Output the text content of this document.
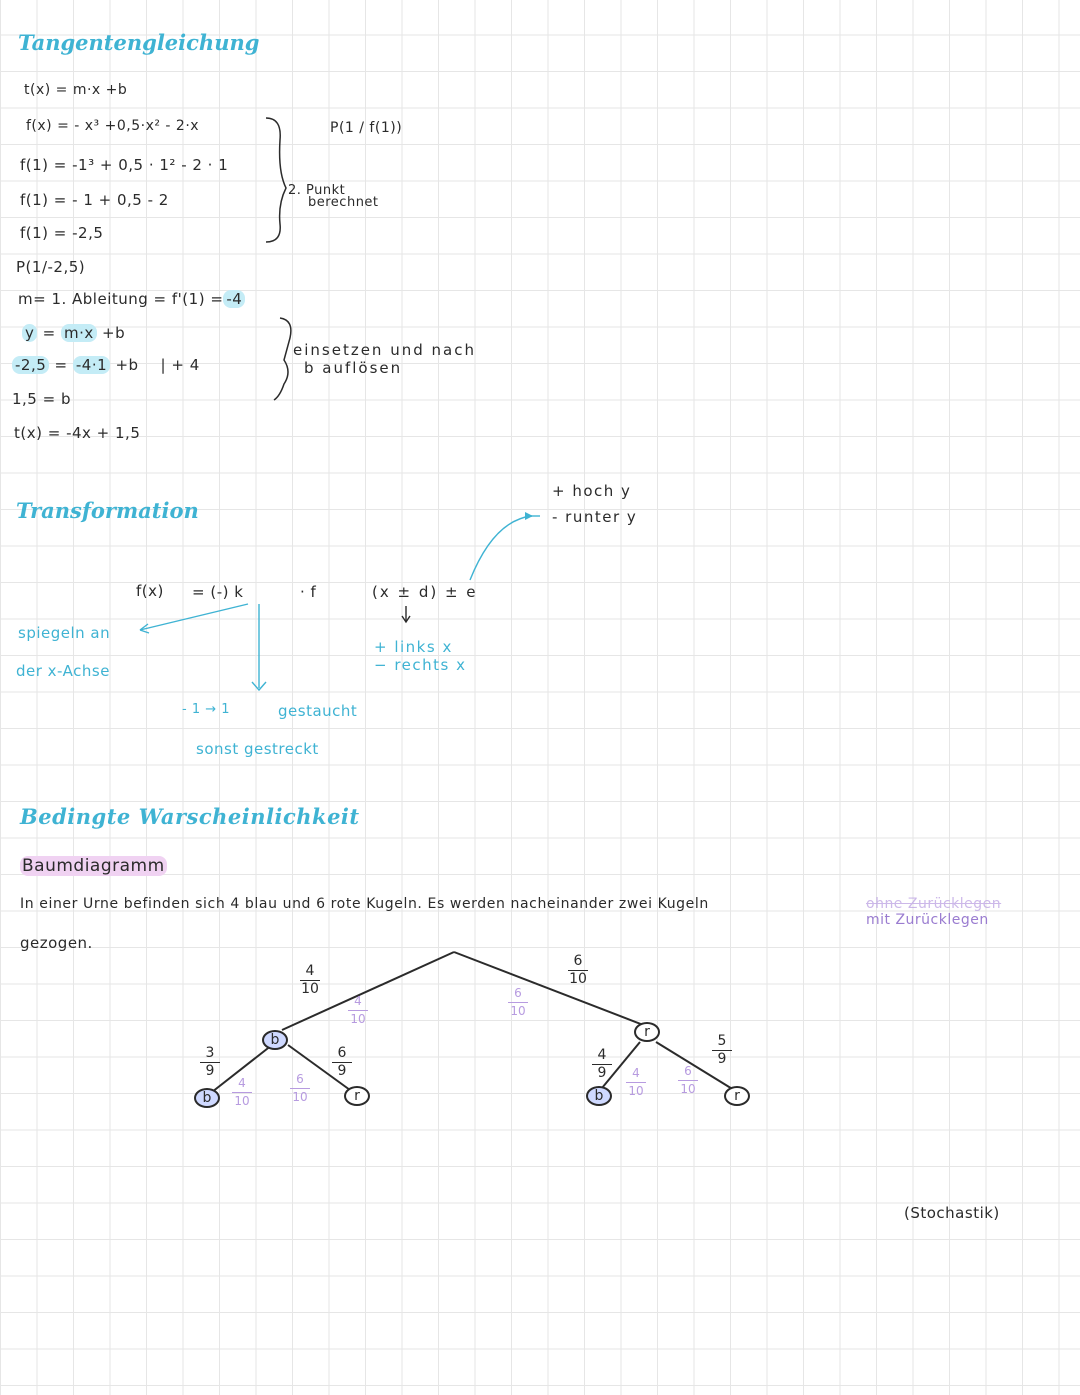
Tangentengleichung
t(x) = m·x +b
f(x) = - x³ +0,5·x² - 2·x
f(1) = -1³ + 0,5 · 1² - 2 · 1
f(1) = - 1 + 0,5 - 2
f(1) = -2,5
P(1/-2,5)
P(1 / f(1))
2. Punkt
berechnet
m= 1. Ableitung = f'(1) = -4
y = m·x +b
-2,5 = -4·1 +b | + 4
1,5 = b
t(x) = -4x + 1,5
einsetzen und nach
b auflösen
Transformation
+ hoch y
- runter y
f(x) = (-) k	· f	(x ± d) ± e
spiegeln an
der x-Achse
+ links x
− rechts x
- 1 → 1	gestaucht
sonst gestreckt
Bedingte Warscheinlichkeit
Baumdiagramm
In einer Urne befinden sich 4 blau und 6 rote Kugeln. Es werden nacheinander zwei Kugeln
gezogen.
ohne Zurücklegen
mit Zurücklegen
4
10
4
10
6
10
6
10
3
9
4
10
6
9
6
10
4
9 4
10
6
10
5
9
b	r
b	r	b	r
(Stochastik)
